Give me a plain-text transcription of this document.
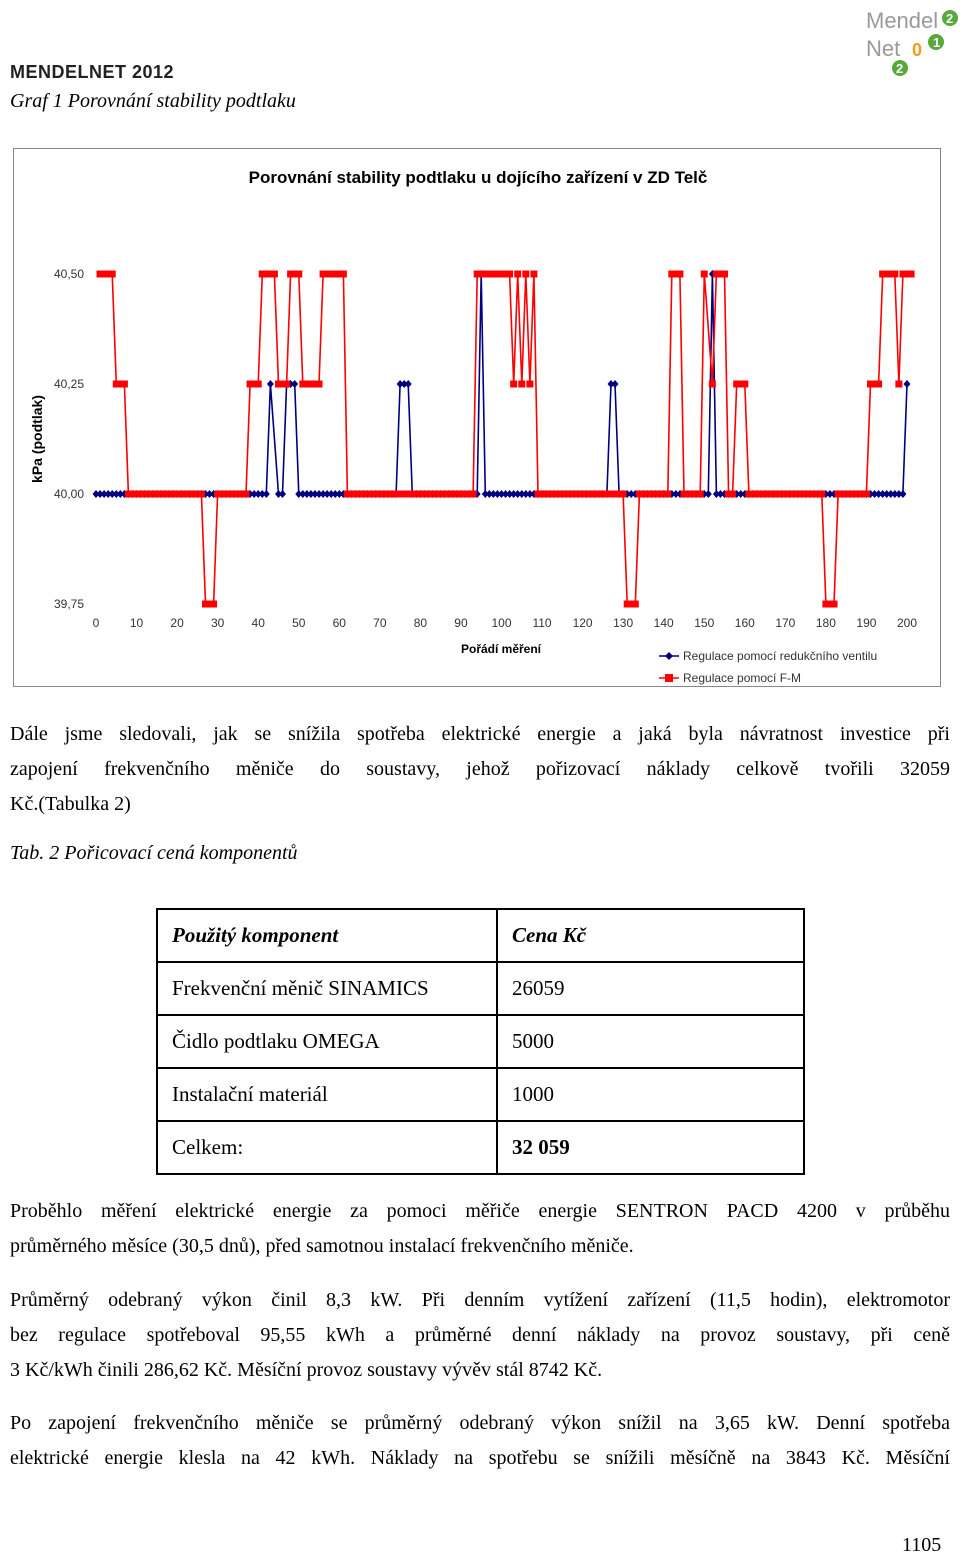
MENDELNET 2012
Mendel
Net
2
1
0
2
Graf 1 Porovnání stability podtlaku
Porovnání stability podtlaku u dojícího zařízení v ZD Telč
40,50
40,25
40,00
39,75
0	10 20 30 40 50 60 70 80 90 100 110 120 130 140 150 160 170 180 190 200
kPa (podtlak)
Pořádí měření	Regulace pomocí redukčního ventilu
Regulace pomocí F-M
Dále jsme sledovali, jak se snížila spotřeba elektrické energie a jaká byla návratnost investice při
zapojení frekvenčního měniče do soustavy, jehož pořizovací náklady celkově tvořili 32059
Kč.(Tabulka 2)
Tab. 2 Pořicovací cená komponentů
Použitý komponent	Cena Kč
Frekvenční měnič SINAMICS	26059
Čidlo podtlaku OMEGA	5000
Instalační materiál	1000
Celkem:	32 059
Proběhlo měření elektrické energie za pomoci měřiče energie SENTRON PACD 4200 v průběhu
průměrného měsíce (30,5 dnů), před samotnou instalací frekvenčního měniče.
Průměrný odebraný výkon činil 8,3 kW. Při denním vytížení zařízení (11,5 hodin), elektromotor
bez regulace spotřeboval 95,55 kWh a průměrné denní náklady na provoz soustavy, při ceně
3 Kč/kWh činili 286,62 Kč. Měsíční provoz soustavy vývěv stál 8742 Kč.
Po zapojení frekvenčního měniče se průměrný odebraný výkon snížil na 3,65 kW. Denní spotřeba
elektrické energie klesla na 42 kWh. Náklady na spotřebu se snížili měsíčně na 3843 Kč. Měsíční
1105
